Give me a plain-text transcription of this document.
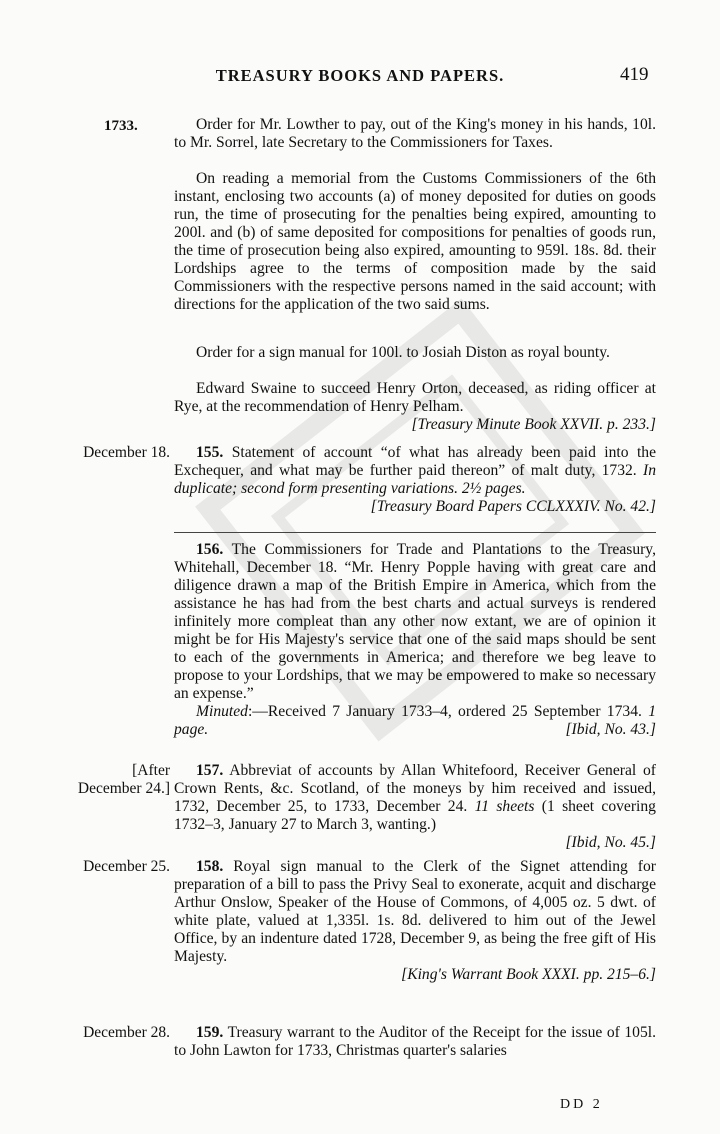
TREASURY BOOKS AND PAPERS.	419
1733.	Order for Mr. Lowther to pay, out of the King's money in his hands, 10l. to Mr. Sorrel, late Secretary to the Commissioners for Taxes.

On reading a memorial from the Customs Commissioners of the 6th instant, enclosing two accounts (a) of money deposited for duties on goods run, the time of prosecuting for the penalties being expired, amounting to 200l. and (b) of same deposited for compositions for penalties of goods run, the time of prosecution being also expired, amounting to 959l. 18s. 8d. their Lordships agree to the terms of composition made by the said Commissioners with the respective persons named in the said account; with directions for the application of the two said sums.

Order for a sign manual for 100l. to Josiah Diston as royal bounty.

Edward Swaine to succeed Henry Orton, deceased, as riding officer at Rye, at the recommendation of Henry Pelham.

[Treasury Minute Book XXVII. p. 233.]

December 18.	155. Statement of account “of what has already been paid into the Exchequer, and what may be further paid thereon” of malt duty, 1732. In duplicate; second form presenting variations. 2½ pages.

[Treasury Board Papers CCLXXXIV. No. 42.]

156. The Commissioners for Trade and Plantations to the Treasury, Whitehall, December 18. “Mr. Henry Popple having with great care and diligence drawn a map of the British Empire in America, which from the assistance he has had from the best charts and actual surveys is rendered infinitely more compleat than any other now extant, we are of opinion it might be for His Majesty's service that one of the said maps should be sent to each of the governments in America; and therefore we beg leave to propose to your Lordships, that we may be empowered to make so necessary an expense.”

Minuted:—Received 7 January 1733–4, ordered 25 September 1734. 1 page.	[Ibid, No. 43.]

[After
December 24.]

157. Abbreviat of accounts by Allan Whitefoord, Receiver General of Crown Rents, &c. Scotland, of the moneys by him received and issued, 1732, December 25, to 1733, December 24. 11 sheets (1 sheet covering 1732–3, January 27 to March 3, wanting.)

[Ibid, No. 45.]

December 25.	158. Royal sign manual to the Clerk of the Signet attending for preparation of a bill to pass the Privy Seal to exonerate, acquit and discharge Arthur Onslow, Speaker of the House of Commons, of 4,005 oz. 5 dwt. of white plate, valued at 1,335l. 1s. 8d. delivered to him out of the Jewel Office, by an indenture dated 1728, December 9, as being the free gift of His Majesty.

[King's Warrant Book XXXI. pp. 215–6.]

December 28.	159. Treasury warrant to the Auditor of the Receipt for the issue of 105l. to John Lawton for 1733, Christmas quarter's salaries

DD 2
